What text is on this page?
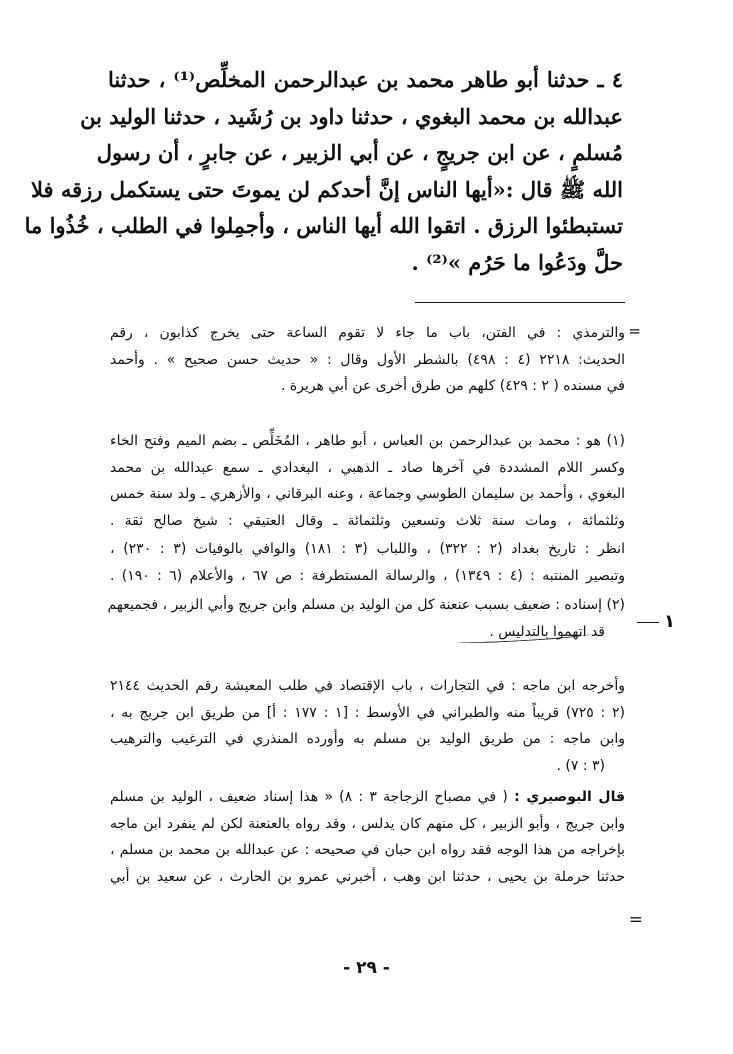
٤ ـ حدثنا أبو طاهر محمد بن عبدالرحمن المخلِّص⁽¹⁾ ، حدثنا
عبدالله بن محمد البغوي ، حدثنا داود بن رُشَيد ، حدثنا الوليد بن
مُسلمٍ ، عن ابن جريجٍ ، عن أبي الزبير ، عن جابرٍ ، أن رسول
الله ﷺ قال :«أيها الناس إنَّ أحدكم لن يموتَ حتى يستكمل رزقه فلا
تستبطئوا الرزق . اتقوا الله أيها الناس ، وأجمِلوا في الطلب ، خُذُوا ما
حلَّ ودَعُوا ما حَرُم »⁽²⁾ .
=
والترمذي : في الفتن، باب ما جاء لا تقوم الساعة حتى يخرج كذابون ، رقم
الحديث: ٢٢١٨ (٤ : ٤٩٨) بالشطر الأول وقال : « حديث حسن صحيح » . وأحمد
في مسنده ( ٢ : ٤٢٩) كلهم من طرق أخرى عن أبي هريرة .
(١) هو : محمد بن عبدالرحمن بن العباس ، أبو طاهر ، المُخَلِّص ـ بضم الميم وفتح الخاء
وكسر اللام المشددة في آخرها صاد ـ الذهبي ، البغدادي ـ سمع عبدالله بن محمد
البغوي ، وأحمد بن سليمان الطوسي وجماعة ، وعنه البرقاني ، والأزهري ـ ولد سنة خمس
وثلثمائة ، ومات سنة ثلاث وتسعين وثلثمائة ـ وقال العتيقي : شيخ صالح ثقة .
انظر : تاريخ بغداد (٢ : ٣٢٢) ، واللباب (٣ : ١٨١) والوافي بالوفيات (٣ : ٢٣٠) ،
وتبصير المنتبه : (٤ : ١٣٤٩) ، والرسالة المستطرفة : ص ٦٧ ، والأعلام (٦ : ١٩٠) .
١
(٢) إسناده : ضعيف بسبب عنعنة كل من الوليد بن مسلم وابن جريج وأبي الزبير ، فجميعهم
قد اتهموا بالتدليس .
وأخرجه ابن ماجه : في التجارات ، باب الإقتصاد في طلب المعيشة رقم الحديث ٢١٤٤
(٢ : ٧٢٥) قريباً منه والطبراني في الأوسط : [١ : ١٧٧ : أ] من طريق ابن جريج به ،
وابن ماجه : من طريق الوليد بن مسلم به وأورده المنذري في الترغيب والترهيب
(٣ : ٧) .
قال البوصيري : ( في مصباح الزجاجة ٣ : ٨) « هذا إسناد ضعيف ، الوليد بن مسلم
وابن جريج ، وأبو الزبير ، كل منهم كان يدلس ، وقد رواه بالعنعنة لكن لم ينفرد ابن ماجه
بإخراجه من هذا الوجه فقد رواه ابن حبان في صحيحه : عن عبدالله بن محمد بن مسلم ،
حدثنا حرملة بن يحيى ، حدثنا ابن وهب ، أخبرني عمرو بن الحارث ، عن سعيد بن أبي
=
- ٢٩ -
